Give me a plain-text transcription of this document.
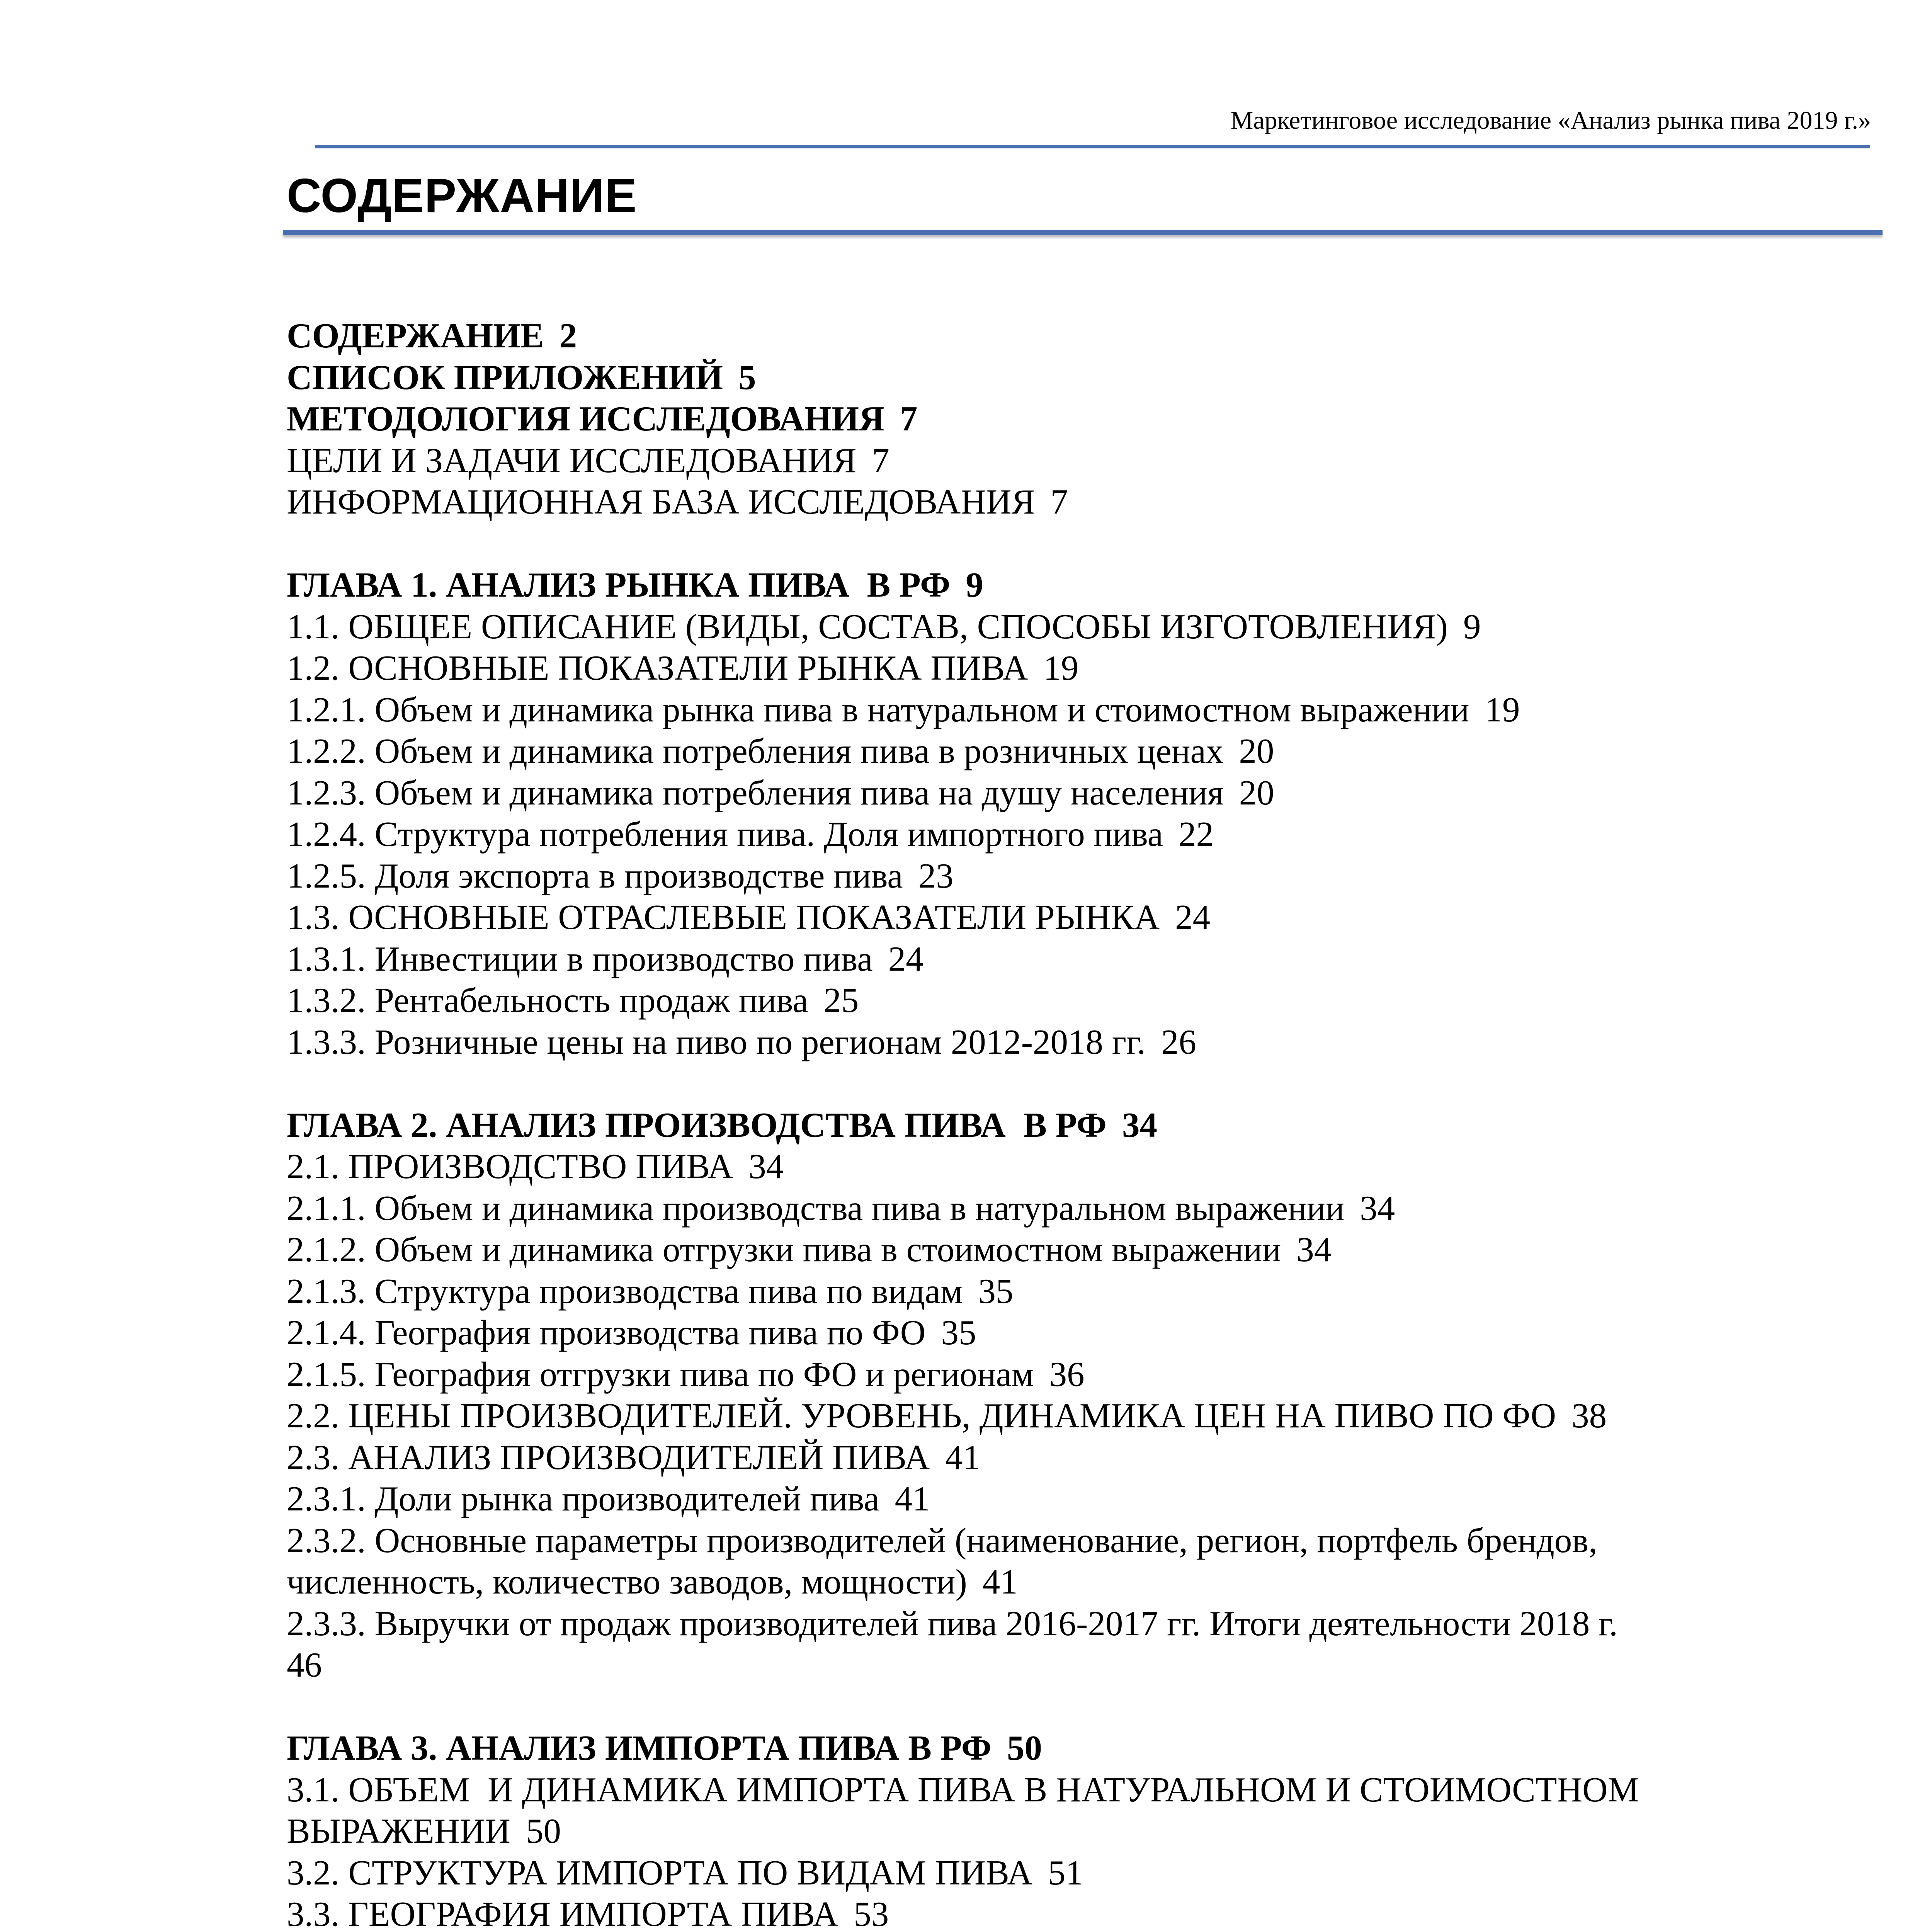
Маркетинговое исследование «Анализ рынка пива 2019 г.»
СОДЕРЖАНИЕ
СОДЕРЖАНИЕ 2
СПИСОК ПРИЛОЖЕНИЙ 5
МЕТОДОЛОГИЯ ИССЛЕДОВАНИЯ 7
ЦЕЛИ И ЗАДАЧИ ИССЛЕДОВАНИЯ 7
ИНФОРМАЦИОННАЯ БАЗА ИССЛЕДОВАНИЯ 7
ГЛАВА 1. АНАЛИЗ РЫНКА ПИВА  В РФ 9
1.1. ОБЩЕЕ ОПИСАНИЕ (ВИДЫ, СОСТАВ, СПОСОБЫ ИЗГОТОВЛЕНИЯ) 9
1.2. ОСНОВНЫЕ ПОКАЗАТЕЛИ РЫНКА ПИВА 19
1.2.1. Объем и динамика рынка пива в натуральном и стоимостном выражении 19
1.2.2. Объем и динамика потребления пива в розничных ценах 20
1.2.3. Объем и динамика потребления пива на душу населения 20
1.2.4. Структура потребления пива. Доля импортного пива 22
1.2.5. Доля экспорта в производстве пива 23
1.3. ОСНОВНЫЕ ОТРАСЛЕВЫЕ ПОКАЗАТЕЛИ РЫНКА 24
1.3.1. Инвестиции в производство пива 24
1.3.2. Рентабельность продаж пива 25
1.3.3. Розничные цены на пиво по регионам 2012-2018 гг. 26
ГЛАВА 2. АНАЛИЗ ПРОИЗВОДСТВА ПИВА  В РФ 34
2.1. ПРОИЗВОДСТВО ПИВА 34
2.1.1. Объем и динамика производства пива в натуральном выражении 34
2.1.2. Объем и динамика отгрузки пива в стоимостном выражении 34
2.1.3. Структура производства пива по видам 35
2.1.4. География производства пива по ФО 35
2.1.5. География отгрузки пива по ФО и регионам 36
2.2. ЦЕНЫ ПРОИЗВОДИТЕЛЕЙ. УРОВЕНЬ, ДИНАМИКА ЦЕН НА ПИВО ПО ФО 38
2.3. АНАЛИЗ ПРОИЗВОДИТЕЛЕЙ ПИВА 41
2.3.1. Доли рынка производителей пива 41
2.3.2. Основные параметры производителей (наименование, регион, портфель брендов,
численность, количество заводов, мощности) 41
2.3.3. Выручки от продаж производителей пива 2016-2017 гг. Итоги деятельности 2018 г.
46
ГЛАВА 3. АНАЛИЗ ИМПОРТА ПИВА В РФ 50
3.1. ОБЪЕМ  И ДИНАМИКА ИМПОРТА ПИВА В НАТУРАЛЬНОМ И СТОИМОСТНОМ
ВЫРАЖЕНИИ 50
3.2. СТРУКТУРА ИМПОРТА ПО ВИДАМ ПИВА 51
3.3. ГЕОГРАФИЯ ИМПОРТА ПИВА 53
